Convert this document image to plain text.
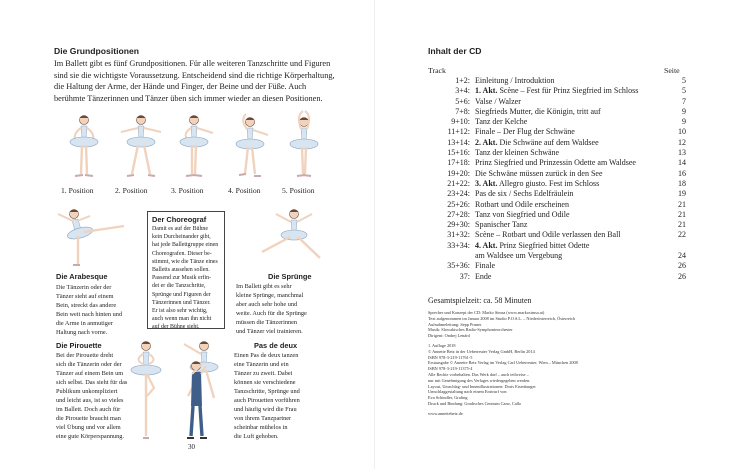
Die Grundpositionen
Im Ballett gibt es fünf Grundpositionen. Für alle weiteren Tanzschritte und Figuren
sind sie die wichtigste Voraussetzung. Entscheidend sind die richtige Körperhaltung,
die Haltung der Arme, der Hände und Finger, der Beine und der Füße. Auch
berühmte Tänzerinnen und Tänzer üben sich immer wieder an diesen Positionen.
1. Position	2. Position	3. Position	4. Position	5. Position
Die Arabesque
Die Tänzerin oder der
Tänzer steht auf einem
Bein, streckt das andere
Bein weit nach hinten und
die Arme in anmutiger
Haltung nach vorne.
Der Choreograf
Damit es auf der Bühne
kein Durcheinander gibt,
hat jede Ballettgruppe einen
Choreografen. Dieser be-
stimmt, wie die Tänze eines
Balletts aussehen sollen.
Passend zur Musik erfin-
det er die Tanzschritte,
Sprünge und Figuren der
Tänzerinnen und Tänzer.
Er ist also sehr wichtig,
auch wenn man ihn nicht
auf der Bühne sieht.
Die Sprünge
Im Ballett gibt es sehr
kleine Sprünge, manchmal
aber auch sehr hohe und
weite. Auch für die Sprünge
müssen die Tänzerinnen
und Tänzer viel trainieren.
Die Pirouette
Bei der Pirouette dreht
sich die Tänzerin oder der
Tänzer auf einem Bein um
sich selbst. Das sieht für das
Publikum unkompliziert
und leicht aus, ist so vieles
im Ballett. Doch auch für
die Pirouette braucht man
viel Übung und vor allem
eine gute Körperspannung.
Pas de deux
Einen Pas de deux tanzen
eine Tänzerin und ein
Tänzer zu zweit. Dabei
können sie verschiedene
Tanzschritte, Sprünge und
auch Pirouetten vorführen
und häufig wird die Frau
von ihrem Tanzpartner
scheinbar mühelos in
die Luft gehoben.
30
Inhalt der CD
Track	Seite
1+2: Einleitung / Introduktion	5
3+4: 1. Akt. Scène – Fest für Prinz Siegfried im Schloss	5
5+6: Valse / Walzer	7
7+8: Siegfrieds Mutter, die Königin, tritt auf	9
9+10: Tanz der Kelche	9
11+12: Finale – Der Flug der Schwäne	10
13+14: 2. Akt. Die Schwäne auf dem Waldsee	12
15+16: Tanz der kleinen Schwäne	13
17+18: Prinz Siegfried und Prinzessin Odette am Waldsee	14
19+20: Die Schwäne müssen zurück in den See	16
21+22: 3. Akt. Allegro giusto. Fest im Schloss	18
23+24: Pas de six / Sechs Edelfräulein	19
25+26: Rotbart und Odile erscheinen	21
27+28: Tanz von Siegfried und Odile	21
29+30: Spanischer Tanz	21
31+32: Scène – Rotbart und Odile verlassen den Ball	22
33+34: 4. Akt. Prinz Siegfried bittet Odette
am Waldsee um Vergebung	24
35+36: Finale	26
37: Ende	26
Gesamtspielzeit: ca. 58 Minuten
Sprecher und Konzept der CD: Marko Simsa (www.markosimsa.at)
Text aufgenommen im Januar 2008 im Studio P.O.S.L. – Niederösterreich, Österreich
Aufnahmeleitung: Sepp Pruner
Musik: Slowakisches Radio-Symphonieorchester
Dirigent: Ondrej Lenárd
1. Auflage 2018
© Annette Betz in der Ueberreuter Verlag GmbH, Berlin 2014
ISBN 978-3-219-11761-5
Erstausgabe © Annette Betz Verlag im Verlag Carl Ueberreuter, Wien – München 2008
ISBN 978-3-219-11375-4
Alle Rechte vorbehalten. Das Werk darf – auch teilweise –
nur mit Genehmigung des Verlages wiedergegeben werden.
Layout, Umschlag- und Innenillustrationen: Doris Eisenburger
Umschlaggestaltung nach einem Entwurf von
Eva Schindler, Grafing
Druck und Bindung: Gradisches Centrum Cano, Callo
www.annettebetz.de
